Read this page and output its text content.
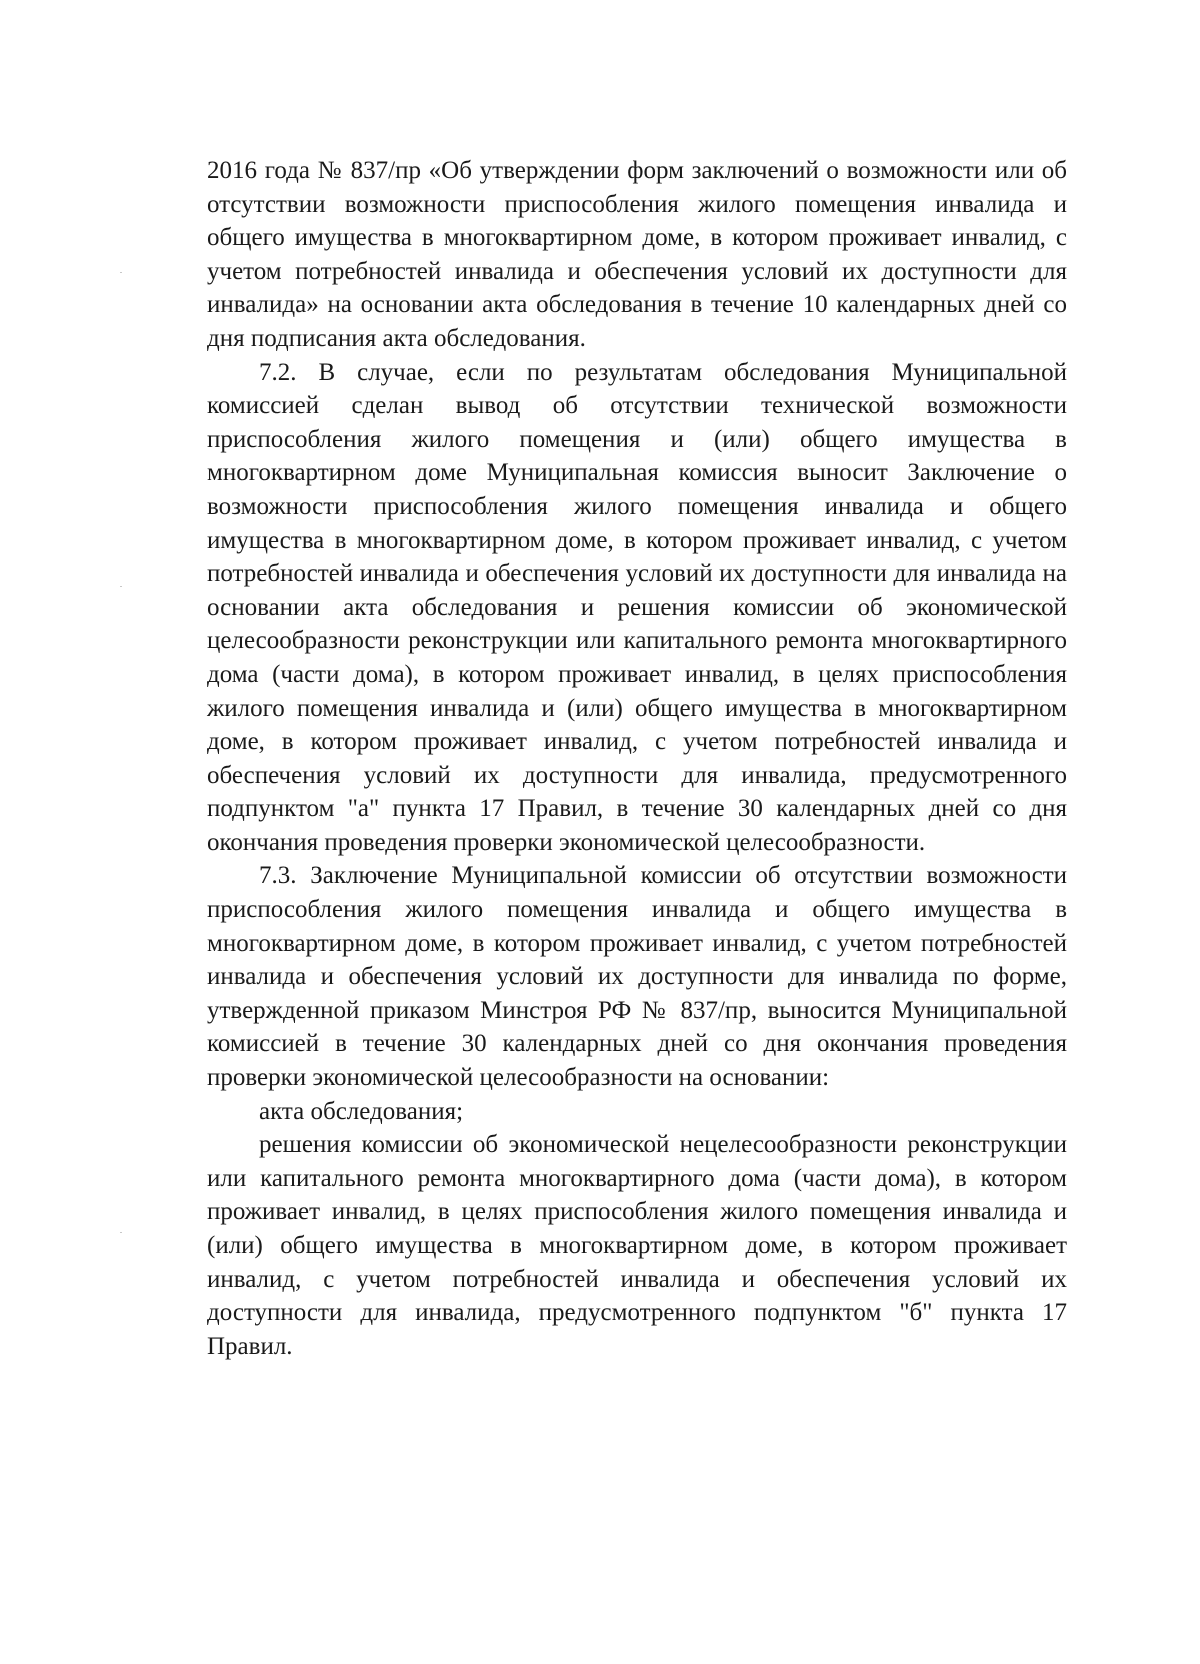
2016 года № 837/пр «Об утверждении форм заключений о возможности или об отсутствии возможности приспособления жилого помещения инвалида и общего имущества в многоквартирном доме, в котором проживает инвалид, с учетом потребностей инвалида и обеспечения условий их доступности для инвалида» на основании акта обследования в течение 10 календарных дней со дня подписания акта обследования.

7.2. В случае, если по результатам обследования Муниципальной комиссией сделан вывод об отсутствии технической возможности приспособления жилого помещения и (или) общего имущества в многоквартирном доме Муниципальная комиссия выносит Заключение о возможности приспособления жилого помещения инвалида и общего имущества в многоквартирном доме, в котором проживает инвалид, с учетом потребностей инвалида и обеспечения условий их доступности для инвалида на основании акта обследования и решения комиссии об экономической целесообразности реконструкции или капитального ремонта многоквартирного дома (части дома), в котором проживает инвалид, в целях приспособления жилого помещения инвалида и (или) общего имущества в многоквартирном доме, в котором проживает инвалид, с учетом потребностей инвалида и обеспечения условий их доступности для инвалида, предусмотренного подпунктом "а" пункта 17 Правил, в течение 30 календарных дней со дня окончания проведения проверки экономической целесообразности.

7.3. Заключение Муниципальной комиссии об отсутствии возможности приспособления жилого помещения инвалида и общего имущества в многоквартирном доме, в котором проживает инвалид, с учетом потребностей инвалида и обеспечения условий их доступности для инвалида по форме, утвержденной приказом Минстроя РФ № 837/пр, выносится Муниципальной комиссией в течение 30 календарных дней со дня окончания проведения проверки экономической целесообразности на основании:

акта обследования;

решения комиссии об экономической нецелесообразности реконструкции или капитального ремонта многоквартирного дома (части дома), в котором проживает инвалид, в целях приспособления жилого помещения инвалида и (или) общего имущества в многоквартирном доме, в котором проживает инвалид, с учетом потребностей инвалида и обеспечения условий их доступности для инвалида, предусмотренного подпунктом "б" пункта 17 Правил.
